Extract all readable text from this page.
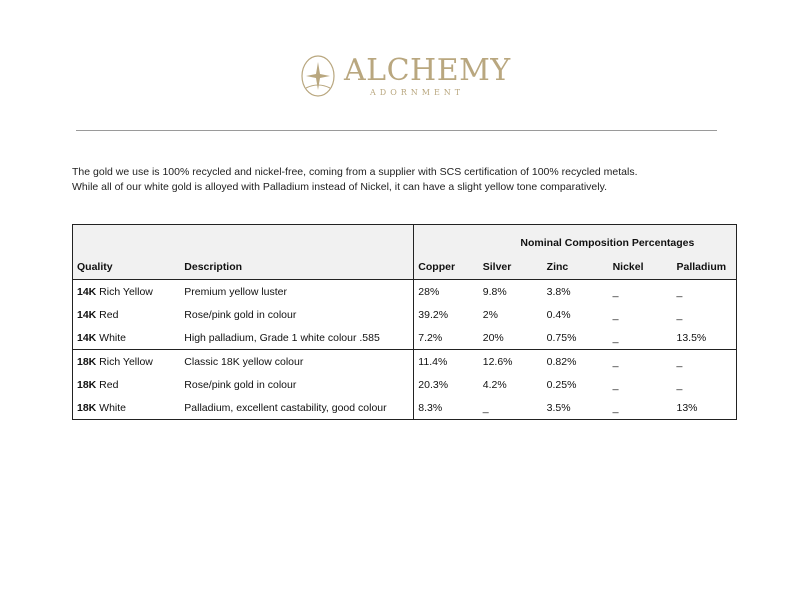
ALCHEMY
ADORNMENT
The gold we use is 100% recycled and nickel-free, coming from a supplier with SCS certification of 100% recycled metals.
While all of our white gold is alloyed with Palladium instead of Nickel, it can have a slight yellow tone comparatively.
			Nominal Composition Percentages			
Quality	Description	Copper	Silver	Zinc	Nickel	Palladium
14K Rich Yellow	Premium yellow luster	28%	9.8%	3.8%	_	_
14K Red	Rose/pink gold in colour	39.2%	2%	0.4%	_	_
14K White	High palladium, Grade 1 white colour .585	7.2%	20%	0.75%	_	13.5%
18K Rich Yellow	Classic 18K yellow colour	11.4%	12.6%	0.82%	_	_
18K Red	Rose/pink gold in colour	20.3%	4.2%	0.25%	_	_
18K White	Palladium, excellent castability, good colour	8.3%	_	3.5%	_	13%
